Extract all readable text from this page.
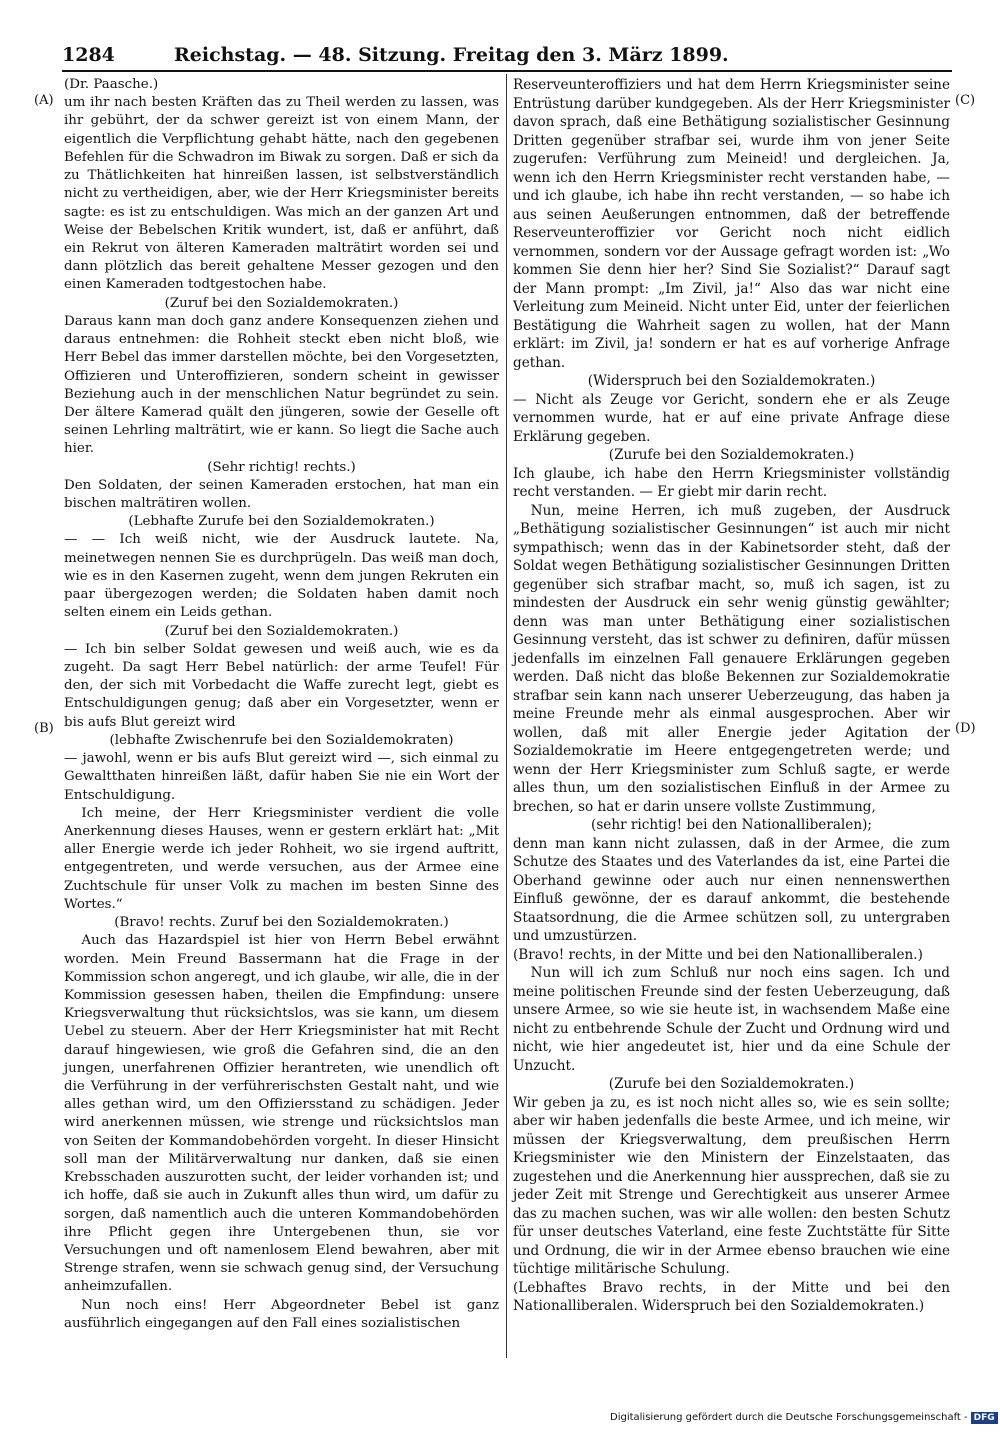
1284	Reichstag. — 48. Sitzung. Freitag den 3. März 1899.
(A)
(B)
(C)
(D)

(Dr. Paasche.)

um ihr nach besten Kräften das zu Theil werden zu lassen, was ihr gebührt, der da schwer gereizt ist von einem Mann, der eigentlich die Verpflichtung gehabt hätte, nach den gegebenen Befehlen für die Schwadron im Biwak zu sorgen. Daß er sich da zu Thätlichkeiten hat hinreißen lassen, ist selbstverständlich nicht zu vertheidigen, aber, wie der Herr Kriegsminister bereits sagte: es ist zu entschuldigen. Was mich an der ganzen Art und Weise der Bebelschen Kritik wundert, ist, daß er anführt, daß ein Rekrut von älteren Kameraden malträtirt worden sei und dann plötzlich das bereit gehaltene Messer gezogen und den einen Kameraden todtgestochen habe.

(Zuruf bei den Sozialdemokraten.)

Daraus kann man doch ganz andere Konsequenzen ziehen und daraus entnehmen: die Rohheit steckt eben nicht bloß, wie Herr Bebel das immer darstellen möchte, bei den Vorgesetzten, Offizieren und Unteroffizieren, sondern scheint in gewisser Beziehung auch in der menschlichen Natur begründet zu sein. Der ältere Kamerad quält den jüngeren, sowie der Geselle oft seinen Lehrling malträtirt, wie er kann. So liegt die Sache auch hier.

(Sehr richtig! rechts.)

Den Soldaten, der seinen Kameraden erstochen, hat man ein bischen malträtiren wollen.

(Lebhafte Zurufe bei den Sozialdemokraten.)

— — Ich weiß nicht, wie der Ausdruck lautete. Na, meinetwegen nennen Sie es durchprügeln. Das weiß man doch, wie es in den Kasernen zugeht, wenn dem jungen Rekruten ein paar übergezogen werden; die Soldaten haben damit noch selten einem ein Leids gethan.

(Zuruf bei den Sozialdemokraten.)

— Ich bin selber Soldat gewesen und weiß auch, wie es da zugeht. Da sagt Herr Bebel natürlich: der arme Teufel! Für den, der sich mit Vorbedacht die Waffe zurecht legt, giebt es Entschuldigungen genug; daß aber ein Vorgesetzter, wenn er bis aufs Blut gereizt wird

(lebhafte Zwischenrufe bei den Sozialdemokraten)

— jawohl, wenn er bis aufs Blut gereizt wird —, sich einmal zu Gewaltthaten hinreißen läßt, dafür haben Sie nie ein Wort der Entschuldigung.

Ich meine, der Herr Kriegsminister verdient die volle Anerkennung dieses Hauses, wenn er gestern erklärt hat: „Mit aller Energie werde ich jeder Rohheit, wo sie irgend auftritt, entgegentreten, und werde versuchen, aus der Armee eine Zuchtschule für unser Volk zu machen im besten Sinne des Wortes.“

(Bravo! rechts. Zuruf bei den Sozialdemokraten.)

Auch das Hazardspiel ist hier von Herrn Bebel erwähnt worden. Mein Freund Bassermann hat die Frage in der Kommission schon angeregt, und ich glaube, wir alle, die in der Kommission gesessen haben, theilen die Empfindung: unsere Kriegsverwaltung thut rücksichtslos, was sie kann, um diesem Uebel zu steuern. Aber der Herr Kriegsminister hat mit Recht darauf hingewiesen, wie groß die Gefahren sind, die an den jungen, unerfahrenen Offizier herantreten, wie unendlich oft die Verführung in der verführerischsten Gestalt naht, und wie alles gethan wird, um den Offiziersstand zu schädigen. Jeder wird anerkennen müssen, wie strenge und rücksichtslos man von Seiten der Kommandobehörden vorgeht. In dieser Hinsicht soll man der Militärverwaltung nur danken, daß sie einen Krebsschaden auszurotten sucht, der leider vorhanden ist; und ich hoffe, daß sie auch in Zukunft alles thun wird, um dafür zu sorgen, daß namentlich auch die unteren Kommandobehörden ihre Pflicht gegen ihre Untergebenen thun, sie vor Versuchungen und oft namenlosem Elend bewahren, aber mit Strenge strafen, wenn sie schwach genug sind, der Versuchung anheimzufallen.

Nun noch eins! Herr Abgeordneter Bebel ist ganz ausführlich eingegangen auf den Fall eines sozialistischen

Reserveunteroffiziers und hat dem Herrn Kriegsminister seine Entrüstung darüber kundgegeben. Als der Herr Kriegsminister davon sprach, daß eine Bethätigung sozialistischer Gesinnung Dritten gegenüber strafbar sei, wurde ihm von jener Seite zugerufen: Verführung zum Meineid! und dergleichen. Ja, wenn ich den Herrn Kriegsminister recht verstanden habe, — und ich glaube, ich habe ihn recht verstanden, — so habe ich aus seinen Aeußerungen entnommen, daß der betreffende Reserveunteroffizier vor Gericht noch nicht eidlich vernommen, sondern vor der Aussage gefragt worden ist: „Wo kommen Sie denn hier her? Sind Sie Sozialist?“ Darauf sagt der Mann prompt: „Im Zivil, ja!“ Also das war nicht eine Verleitung zum Meineid. Nicht unter Eid, unter der feierlichen Bestätigung die Wahrheit sagen zu wollen, hat der Mann erklärt: im Zivil, ja! sondern er hat es auf vorherige Anfrage gethan.

(Widerspruch bei den Sozialdemokraten.)

— Nicht als Zeuge vor Gericht, sondern ehe er als Zeuge vernommen wurde, hat er auf eine private Anfrage diese Erklärung gegeben.

(Zurufe bei den Sozialdemokraten.)

Ich glaube, ich habe den Herrn Kriegsminister vollständig recht verstanden. — Er giebt mir darin recht.

Nun, meine Herren, ich muß zugeben, der Ausdruck „Bethätigung sozialistischer Gesinnungen“ ist auch mir nicht sympathisch; wenn das in der Kabinetsorder steht, daß der Soldat wegen Bethätigung sozialistischer Gesinnungen Dritten gegenüber sich strafbar macht, so, muß ich sagen, ist zu mindesten der Ausdruck ein sehr wenig günstig gewählter; denn was man unter Bethätigung einer sozialistischen Gesinnung versteht, das ist schwer zu definiren, dafür müssen jedenfalls im einzelnen Fall genauere Erklärungen gegeben werden. Daß nicht das bloße Bekennen zur Sozialdemokratie strafbar sein kann nach unserer Ueberzeugung, das haben ja meine Freunde mehr als einmal ausgesprochen. Aber wir wollen, daß mit aller Energie jeder Agitation der Sozialdemokratie im Heere entgegengetreten werde; und wenn der Herr Kriegsminister zum Schluß sagte, er werde alles thun, um den sozialistischen Einfluß in der Armee zu brechen, so hat er darin unsere vollste Zustimmung,

(sehr richtig! bei den Nationalliberalen);

denn man kann nicht zulassen, daß in der Armee, die zum Schutze des Staates und des Vaterlandes da ist, eine Partei die Oberhand gewinne oder auch nur einen nennenswerthen Einfluß gewönne, der es darauf ankommt, die bestehende Staatsordnung, die die Armee schützen soll, zu untergraben und umzustürzen.

(Bravo! rechts, in der Mitte und bei den Nationalliberalen.)

Nun will ich zum Schluß nur noch eins sagen. Ich und meine politischen Freunde sind der festen Ueberzeugung, daß unsere Armee, so wie sie heute ist, in wachsendem Maße eine nicht zu entbehrende Schule der Zucht und Ordnung wird und nicht, wie hier angedeutet ist, hier und da eine Schule der Unzucht.

(Zurufe bei den Sozialdemokraten.)

Wir geben ja zu, es ist noch nicht alles so, wie es sein sollte; aber wir haben jedenfalls die beste Armee, und ich meine, wir müssen der Kriegsverwaltung, dem preußischen Herrn Kriegsminister wie den Ministern der Einzelstaaten, das zugestehen und die Anerkennung hier aussprechen, daß sie zu jeder Zeit mit Strenge und Gerechtigkeit aus unserer Armee das zu machen suchen, was wir alle wollen: den besten Schutz für unser deutsches Vaterland, eine feste Zuchtstätte für Sitte und Ordnung, die wir in der Armee ebenso brauchen wie eine tüchtige militärische Schulung.

(Lebhaftes Bravo rechts, in der Mitte und bei den Nationalliberalen. Widerspruch bei den Sozialdemokraten.)

Digitalisierung gefördert durch die Deutsche Forschungsgemeinschaft - DFG
